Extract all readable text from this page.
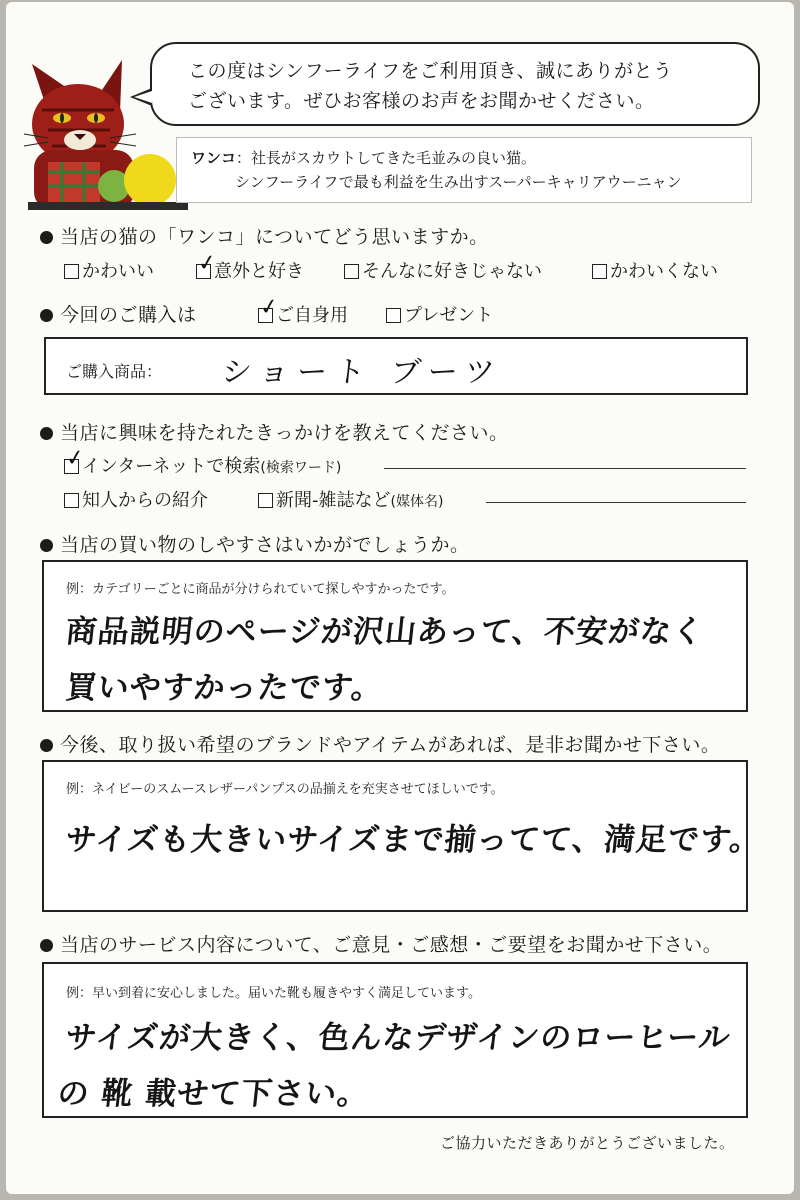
この度はシンフーライフをご利用頂き、誠にありがとう
ございます。ぜひお客様のお声をお聞かせください。
ワンコ：社長がスカウトしてきた毛並みの良い猫。
シンフーライフで最も利益を生み出すスーパーキャリアウーニャン
当店の猫の「ワンコ」についてどう思いますか。
かわいい ✓
意外と好き	そんなに好きじゃない	かわいくない
今回のご購入は	✓
ご自身用	プレゼント
ご購入商品： ショート ブーツ
当店に興味を持たれたきっかけを教えてください。
✓
インターネットで検索(検索ワード)
知人からの紹介	新聞-雑誌など(媒体名)
当店の買い物のしやすさはいかがでしょうか。
例：カテゴリーごとに商品が分けられていて探しやすかったです。
商品説明のページが沢山あって、不安がなく
買いやすかったです。
今後、取り扱い希望のブランドやアイテムがあれば、是非お聞かせ下さい。
例：ネイビーのスムースレザーパンプスの品揃えを充実させてほしいです。
サイズも大きいサイズまで揃ってて、満足です。
当店のサービス内容について、ご意見・ご感想・ご要望をお聞かせ下さい。
例：早い到着に安心しました。届いた靴も履きやすく満足しています。
サイズが大きく、色んなデザインのローヒール
の 靴 載せて下さい。
ご協力いただきありがとうございました。
